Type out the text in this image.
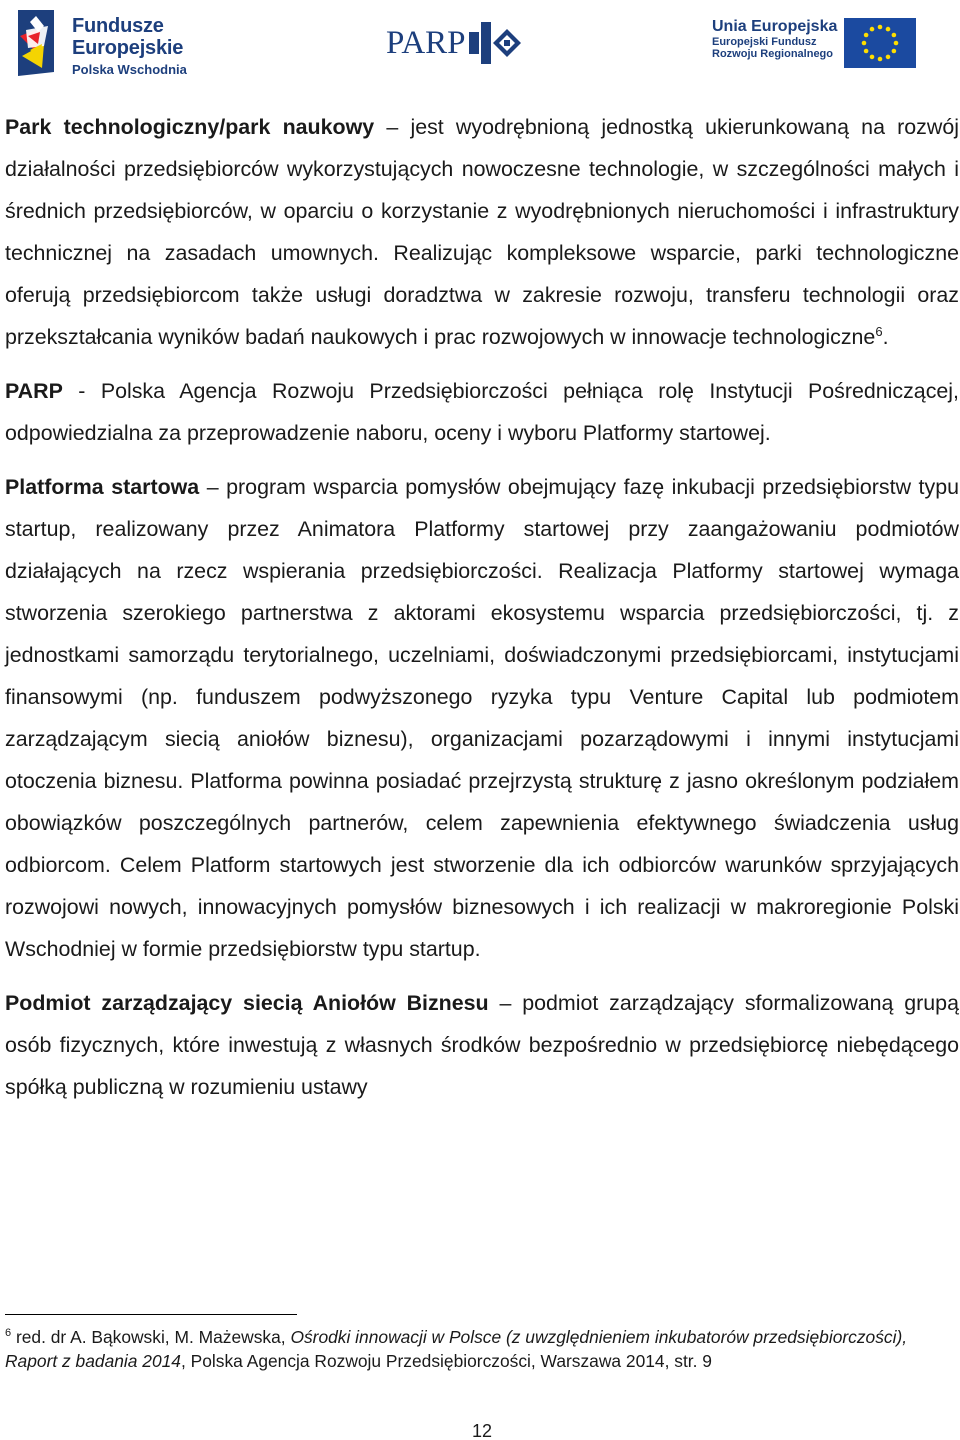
Fundusze
Europejskie
Polska Wschodnia
PARP	Unia Europejska
Europejski Fundusz
Rozwoju Regionalnego

Park technologiczny/park naukowy – jest wyodrębnioną jednostką ukierunkowaną na rozwój działalności przedsiębiorców wykorzystujących nowoczesne technologie, w szczególności małych i średnich przedsiębiorców, w oparciu o korzystanie z wyodrębnionych nieruchomości i infrastruktury technicznej na zasadach umownych. Realizując kompleksowe wsparcie, parki technologiczne oferują przedsiębiorcom także usługi doradztwa w zakresie rozwoju, transferu technologii oraz przekształcania wyników badań naukowych i prac rozwojowych w innowacje technologiczne$^6$.

PARP - Polska Agencja Rozwoju Przedsiębiorczości pełniąca rolę Instytucji Pośredniczącej, odpowiedzialna za przeprowadzenie naboru, oceny i wyboru Platformy startowej.

Platforma startowa – program wsparcia pomysłów obejmujący fazę inkubacji przedsiębiorstw typu startup, realizowany przez Animatora Platformy startowej przy zaangażowaniu podmiotów działających na rzecz wspierania przedsiębiorczości. Realizacja Platformy startowej wymaga stworzenia szerokiego partnerstwa z aktorami ekosystemu wsparcia przedsiębiorczości, tj. z jednostkami samorządu terytorialnego, uczelniami, doświadczonymi przedsiębiorcami, instytucjami finansowymi (np. funduszem podwyższonego ryzyka typu Venture Capital lub podmiotem zarządzającym siecią aniołów biznesu), organizacjami pozarządowymi i innymi instytucjami otoczenia biznesu. Platforma powinna posiadać przejrzystą strukturę z jasno określonym podziałem obowiązków poszczególnych partnerów, celem zapewnienia efektywnego świadczenia usług odbiorcom. Celem Platform startowych jest stworzenie dla ich odbiorców warunków sprzyjających rozwojowi nowych, innowacyjnych pomysłów biznesowych i ich realizacji w makroregionie Polski Wschodniej w formie przedsiębiorstw typu startup.

Podmiot zarządzający siecią Aniołów Biznesu – podmiot zarządzający sformalizowaną grupą osób fizycznych, które inwestują z własnych środków bezpośrednio w przedsiębiorcę niebędącego spółką publiczną w rozumieniu ustawy

$^6$ red. dr A. Bąkowski, M. Mażewska, Ośrodki innowacji w Polsce (z uwzględnieniem inkubatorów przedsiębiorczości), Raport z badania 2014, Polska Agencja Rozwoju Przedsiębiorczości, Warszawa 2014, str. 9
12
